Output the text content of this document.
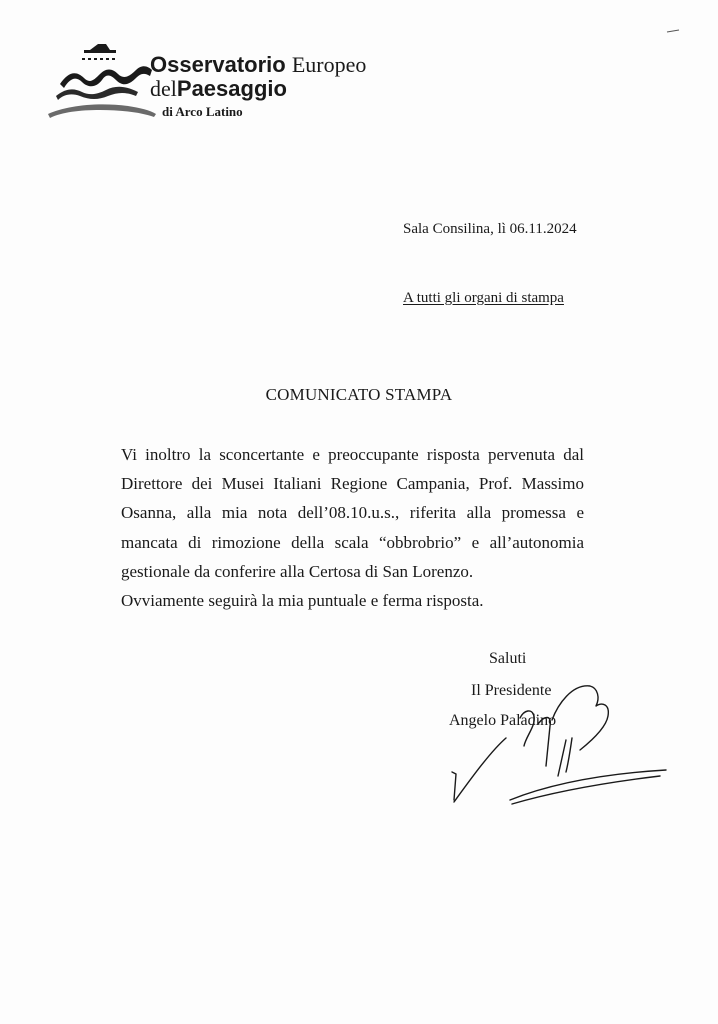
Osservatorio Europeo
delPaesaggio
di Arco Latino
Sala Consilina, lì 06.11.2024
A tutti gli organi di stampa
COMUNICATO STAMPA

Vi inoltro la sconcertante e preoccupante risposta pervenuta dal Direttore dei Musei Italiani Regione Campania, Prof. Massimo Osanna, alla mia nota dell’08.10.u.s., riferita alla promessa e mancata di rimozione della scala “obbrobrio” e all’autonomia gestionale da conferire alla Certosa di San Lorenzo.

Ovviamente seguirà la mia puntuale e ferma risposta.

Saluti
Il Presidente
Angelo Paladino
